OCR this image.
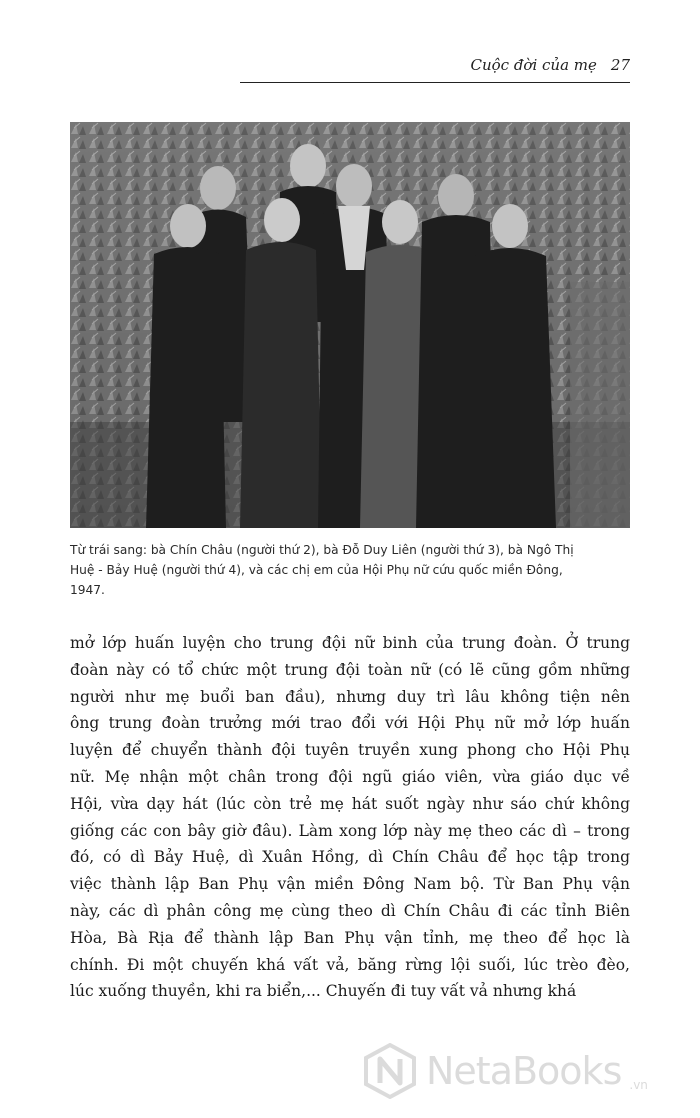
Cuộc đời của mẹ 27
Từ trái sang: bà Chín Châu (người thứ 2), bà Đỗ Duy Liên (người thứ 3), bà Ngô Thị
Huệ - Bảy Huệ (người thứ 4), và các chị em của Hội Phụ nữ cứu quốc miền Đông,
1947.
mở lớp huấn luyện cho trung đội nữ binh của trung đoàn. Ở trung
đoàn này có tổ chức một trung đội toàn nữ (có lẽ cũng gồm những
người như mẹ buổi ban đầu), nhưng duy trì lâu không tiện nên
ông trung đoàn trưởng mới trao đổi với Hội Phụ nữ mở lớp huấn
luyện để chuyển thành đội tuyên truyền xung phong cho Hội Phụ
nữ. Mẹ nhận một chân trong đội ngũ giáo viên, vừa giáo dục về
Hội, vừa dạy hát (lúc còn trẻ mẹ hát suốt ngày như sáo chứ không
giống các con bây giờ đâu). Làm xong lớp này mẹ theo các dì – trong
đó, có dì Bảy Huệ, dì Xuân Hồng, dì Chín Châu để học tập trong
việc thành lập Ban Phụ vận miền Đông Nam bộ. Từ Ban Phụ vận
này, các dì phân công mẹ cùng theo dì Chín Châu đi các tỉnh Biên
Hòa, Bà Rịa để thành lập Ban Phụ vận tỉnh, mẹ theo để học là
chính. Đi một chuyến khá vất vả, băng rừng lội suối, lúc trèo đèo,
lúc xuống thuyền, khi ra biển,... Chuyến đi tuy vất vả nhưng khá
NetaBooks .vn
